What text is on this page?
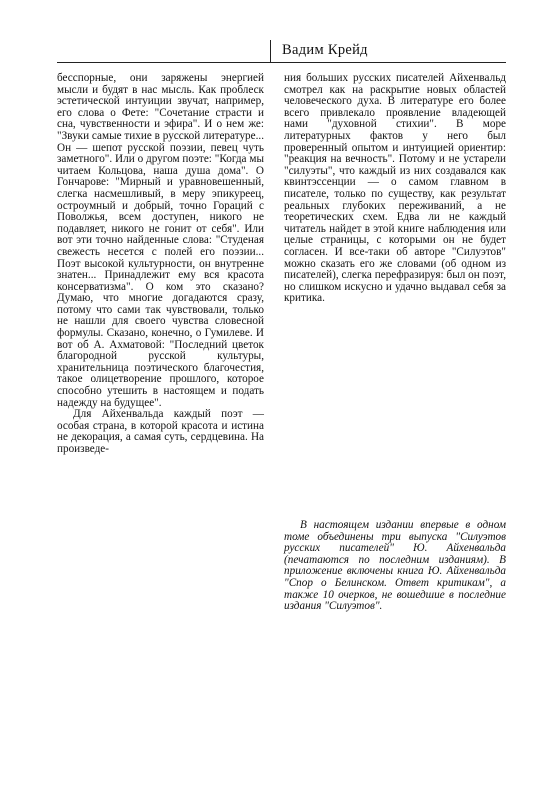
Вадим Крейд

бесспорные, они заряжены энергией мысли и будят в нас мысль. Как проблеск эстетической интуиции звучат, например, его слова о Фете: "Сочетание страсти и сна, чувственности и эфира". И о нем же: "Звуки самые тихие в русской литературе... Он — шепот русской поэзии, певец чуть заметного". Или о другом поэте: "Когда мы читаем Кольцова, наша душа дома". О Гончарове: "Мирный и уравновешенный, слегка насмешливый, в меру эпикуреец, остроумный и добрый, точно Гораций с Поволжья, всем доступен, никого не подавляет, никого не гонит от себя". Или вот эти точно найденные слова: "Студеная свежесть несется с полей его поэзии... Поэт высокой культурности, он внутренне знатен... Принадлежит ему вся красота консерватизма". О ком это сказано? Думаю, что многие догадаются сразу, потому что сами так чувствовали, только не нашли для своего чувства словесной формулы. Сказано, конечно, о Гумилеве. И вот об А. Ахматовой: "Последний цветок благородной русской культуры, хранительница поэтического благочестия, такое олицетворение прошлого, которое способно утешить в настоящем и подать надежду на будущее".

Для Айхенвальда каждый поэт — особая страна, в которой красота и истина не декорация, а самая суть, сердцевина. На произведе-

ния больших русских писателей Айхенвальд смотрел как на раскрытие новых областей человеческого духа. В литературе его более всего привлекало проявление владеющей нами "духовной стихии". В море литературных фактов у него был проверенный опытом и интуицией ориентир: "реакция на вечность". Потому и не устарели "силуэты", что каждый из них создавался как квинтэссенции — о самом главном в писателе, только по существу, как результат реальных глубоких переживаний, а не теоретических схем. Едва ли не каждый читатель найдет в этой книге наблюдения или целые страницы, с которыми он не будет согласен. И все-таки об авторе "Силуэтов" можно сказать его же словами (об одном из писателей), слегка перефразируя: был он поэт, но слишком искусно и удачно выдавал себя за критика.

В настоящем издании впервые в одном томе объединены три выпуска "Силуэтов русских писателей" Ю. Айхенвальда (печатаются по последним изданиям). В приложение включены книга Ю. Айхенвальда "Спор о Белинском. Ответ критикам", а также 10 очерков, не вошедшие в последние издания "Силуэтов".
